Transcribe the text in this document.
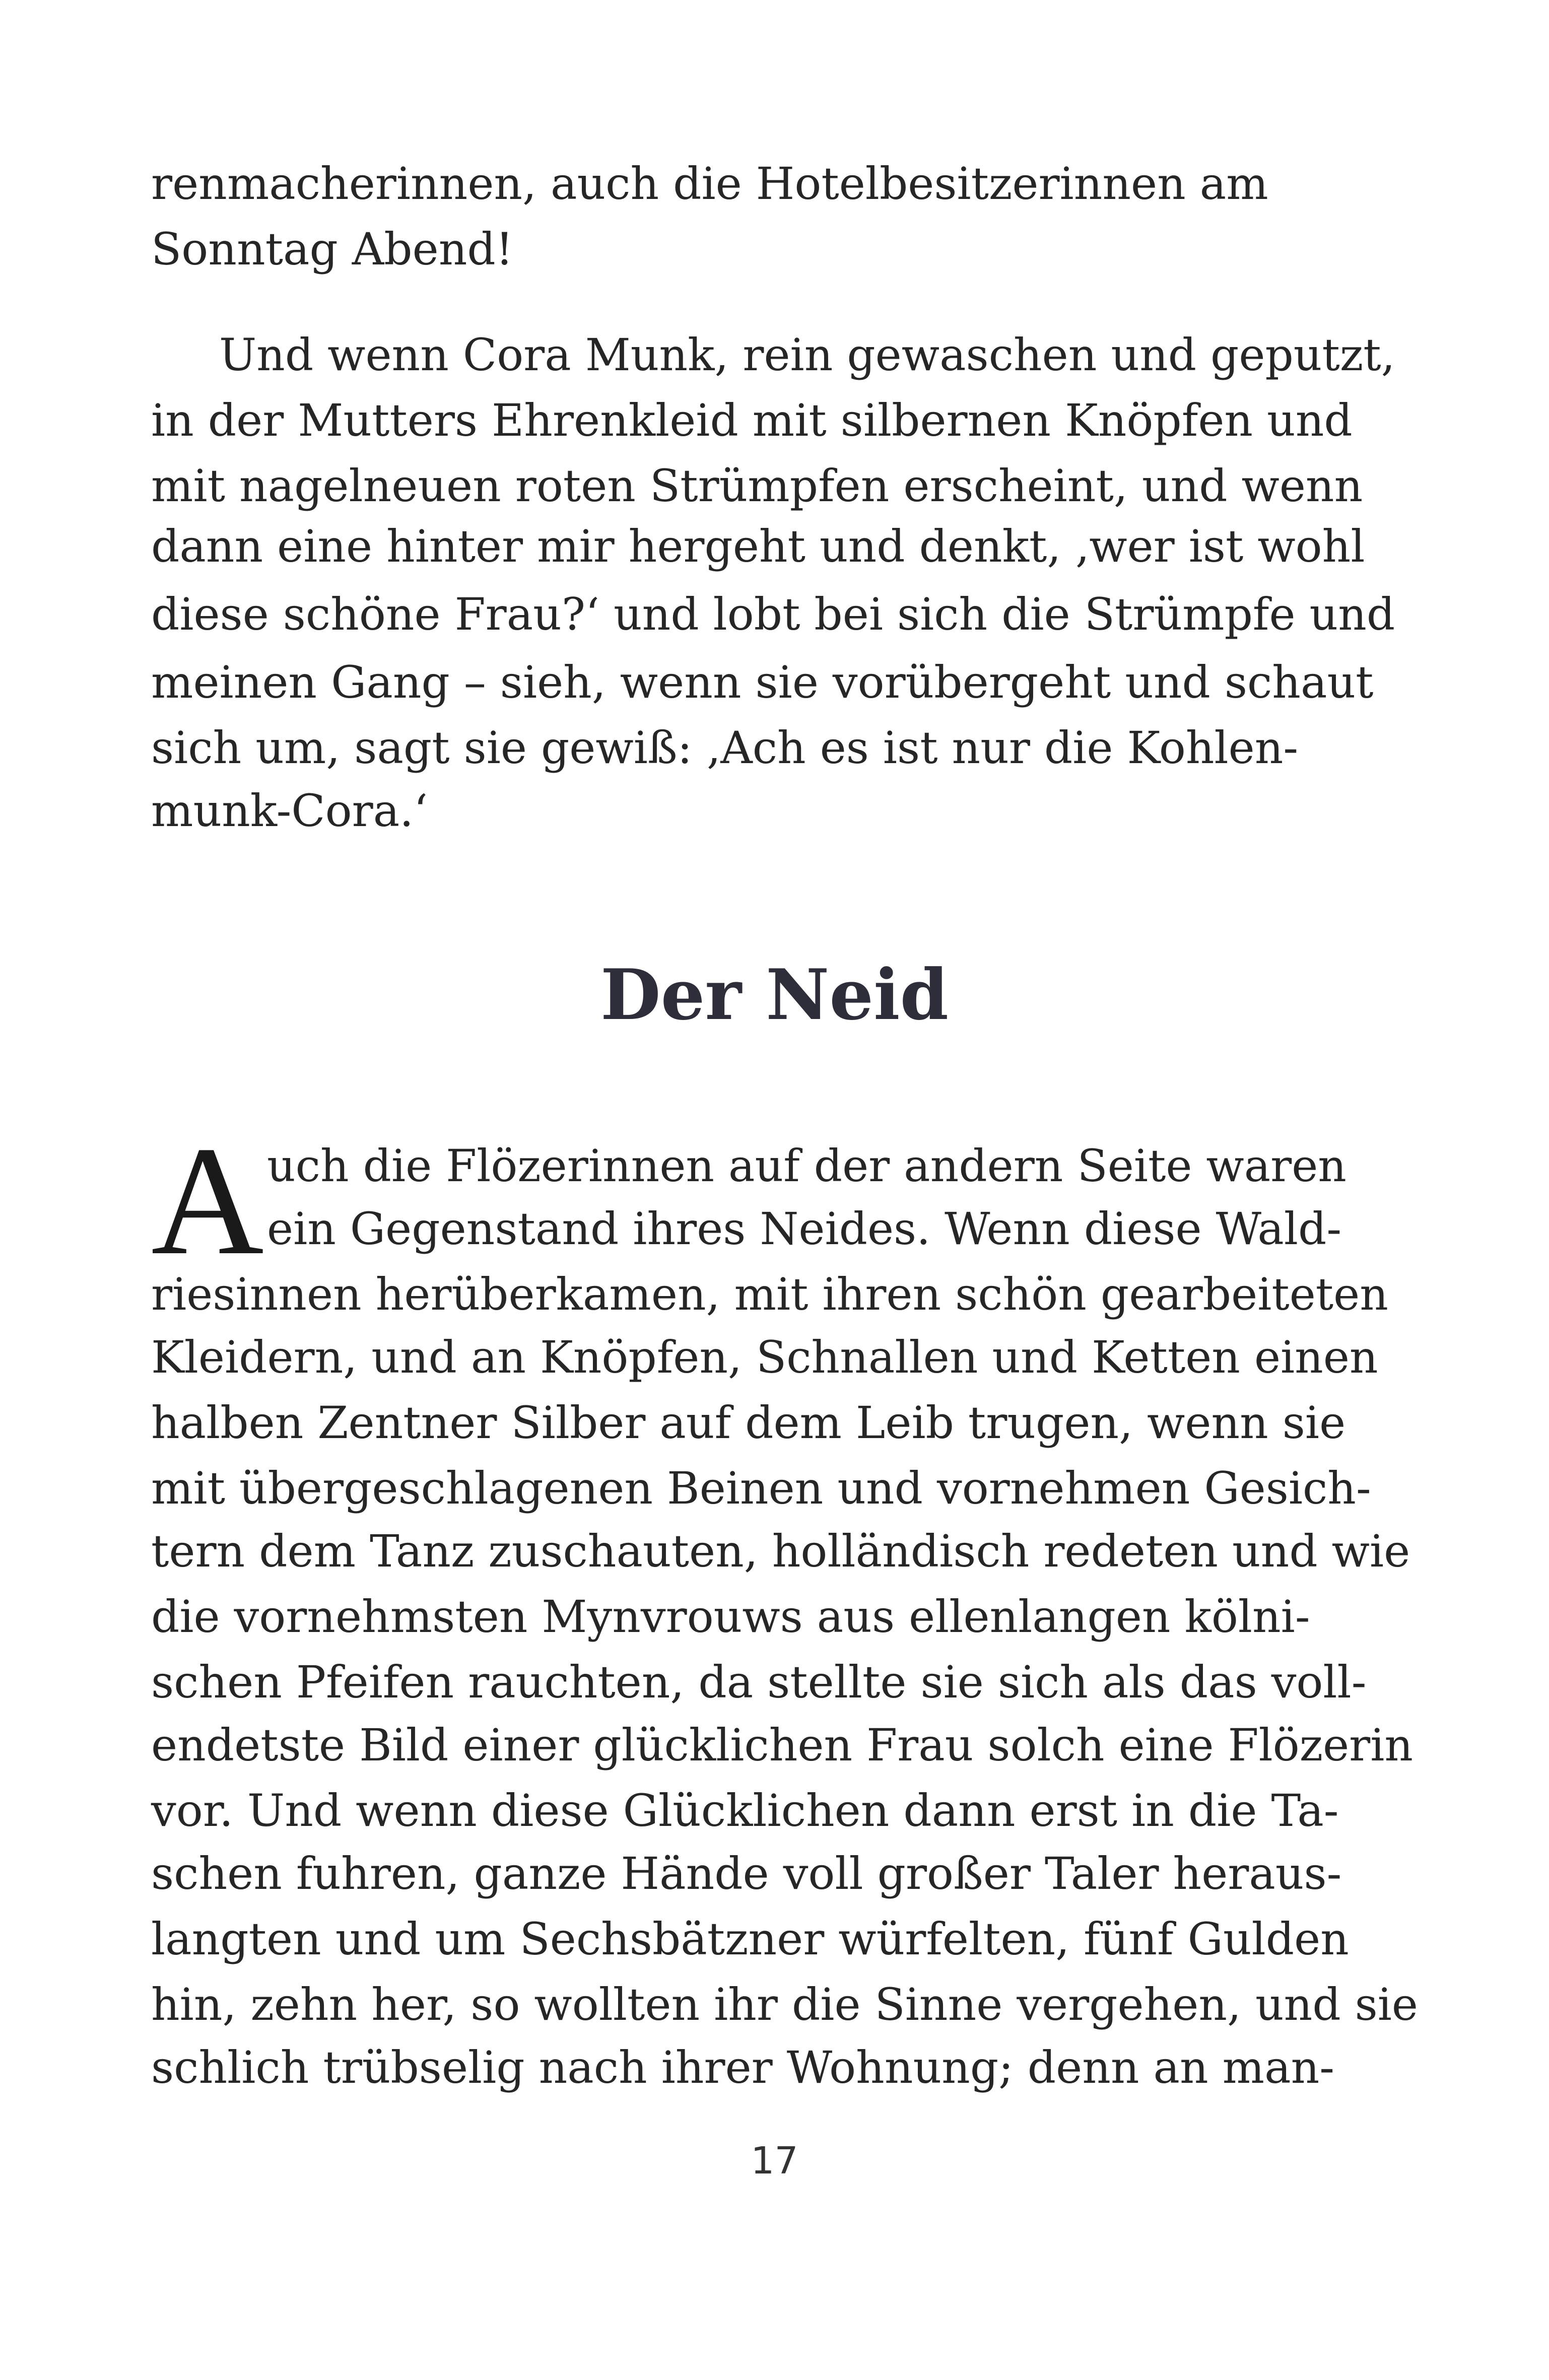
renmacherinnen, auch die Hotelbesitzerinnen am

Sonntag Abend!

Und wenn Cora Munk, rein gewaschen und geputzt,

in der Mutters Ehrenkleid mit silbernen Knöpfen und

mit nagelneuen roten Strümpfen erscheint, und wenn

dann eine hinter mir hergeht und denkt, ‚wer ist wohl

diese schöne Frau?‘ und lobt bei sich die Strümpfe und

meinen Gang – sieh, wenn sie vorübergeht und schaut

sich um, sagt sie gewiß: ‚Ach es ist nur die Kohlen-

munk-Cora.‘

Der Neid
A uch die Flözerinnen auf der andern Seite waren

ein Gegenstand ihres Neides. Wenn diese Wald-

riesinnen herüberkamen, mit ihren schön gearbeiteten

Kleidern, und an Knöpfen, Schnallen und Ketten einen

halben Zentner Silber auf dem Leib trugen, wenn sie

mit übergeschlagenen Beinen und vornehmen Gesich-

tern dem Tanz zuschauten, holländisch redeten und wie

die vornehmsten Mynvrouws aus ellenlangen kölni-

schen Pfeifen rauchten, da stellte sie sich als das voll-

endetste Bild einer glücklichen Frau solch eine Flözerin

vor. Und wenn diese Glücklichen dann erst in die Ta-

schen fuhren, ganze Hände voll großer Taler heraus-

langten und um Sechsbätzner würfelten, fünf Gulden

hin, zehn her, so wollten ihr die Sinne vergehen, und sie

schlich trübselig nach ihrer Wohnung; denn an man-

17
